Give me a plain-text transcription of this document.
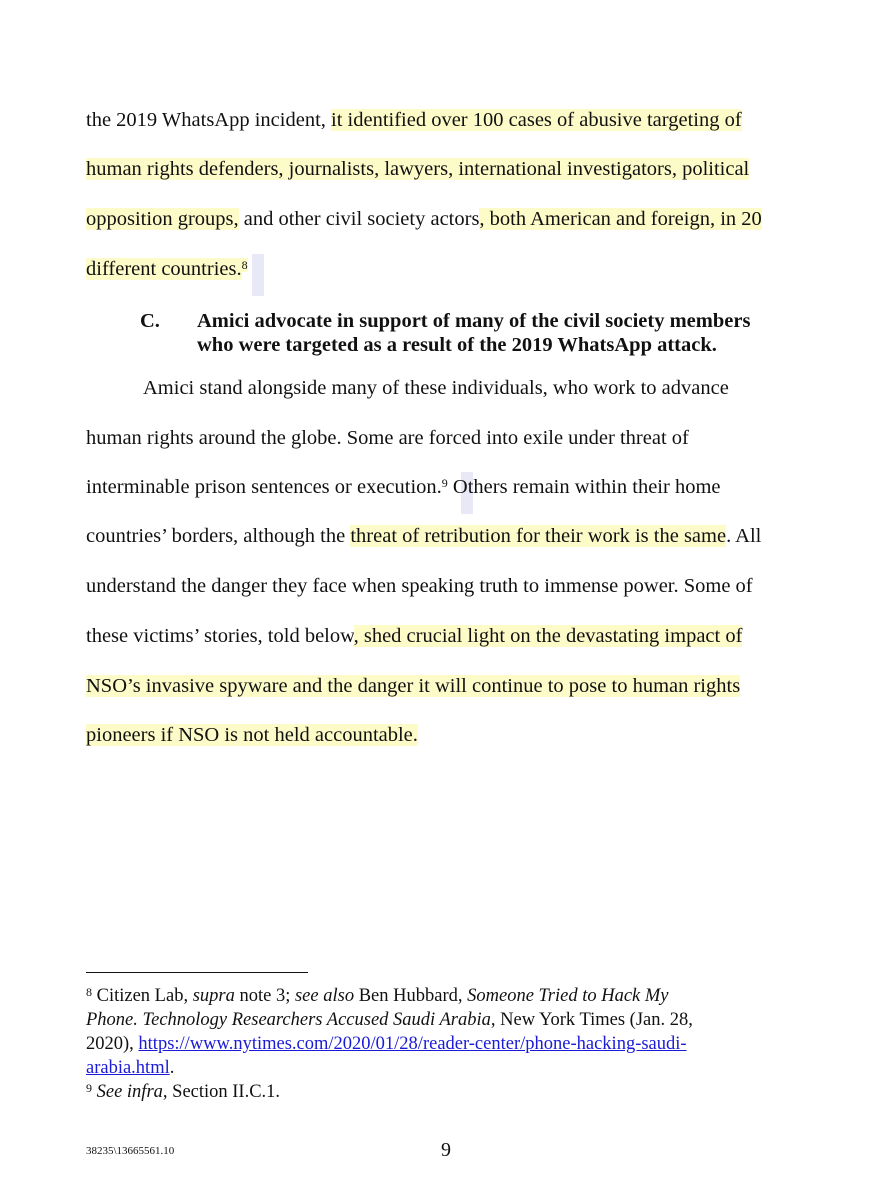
the 2019 WhatsApp incident, it identified over 100 cases of abusive targeting of
human rights defenders, journalists, lawyers, international investigators, political
opposition groups, and other civil society actors, both American and foreign, in 20
different countries.$^8$
C. Amici advocate in support of many of the civil society members
who were targeted as a result of the 2019 WhatsApp attack.
Amici stand alongside many of these individuals, who work to advance
human rights around the globe. Some are forced into exile under threat of
interminable prison sentences or execution.$^9$ Others remain within their home
countries’ borders, although the threat of retribution for their work is the same. All
understand the danger they face when speaking truth to immense power. Some of
these victims’ stories, told below, shed crucial light on the devastating impact of
NSO’s invasive spyware and the danger it will continue to pose to human rights
pioneers if NSO is not held accountable.
$^8$ Citizen Lab, supra note 3; see also Ben Hubbard, Someone Tried to Hack My
Phone. Technology Researchers Accused Saudi Arabia, New York Times (Jan. 28,
2020), https://www.nytimes.com/2020/01/28/reader-center/phone-hacking-saudi-
arabia.html.
$^9$ See infra, Section II.C.1.
38235\13665561.10	9
